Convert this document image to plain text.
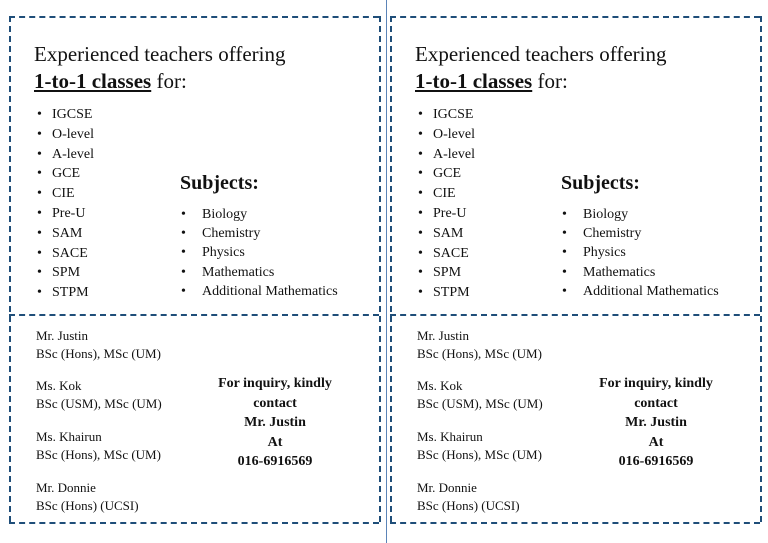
Experienced teachers offering
1-to-1 classes for:
• IGCSE
• O-level
• A-level
• GCE
• CIE
• Pre-U
• SAM
• SACE
• SPM
• STPM
Subjects:
• Biology
• Chemistry
• Physics
• Mathematics
• Additional Mathematics
Mr. Justin
BSc (Hons), MSc (UM)
Ms. Kok
BSc (USM), MSc (UM)
Ms. Khairun
BSc (Hons), MSc (UM)
Mr. Donnie
BSc (Hons) (UCSI)
For inquiry, kindly
contact
Mr. Justin
At
016-6916569
Experienced teachers offering
1-to-1 classes for:
• IGCSE
• O-level
• A-level
• GCE
• CIE
• Pre-U
• SAM
• SACE
• SPM
• STPM
Subjects:
• Biology
• Chemistry
• Physics
• Mathematics
• Additional Mathematics
Mr. Justin
BSc (Hons), MSc (UM)
Ms. Kok
BSc (USM), MSc (UM)
Ms. Khairun
BSc (Hons), MSc (UM)
Mr. Donnie
BSc (Hons) (UCSI)
For inquiry, kindly
contact
Mr. Justin
At
016-6916569
